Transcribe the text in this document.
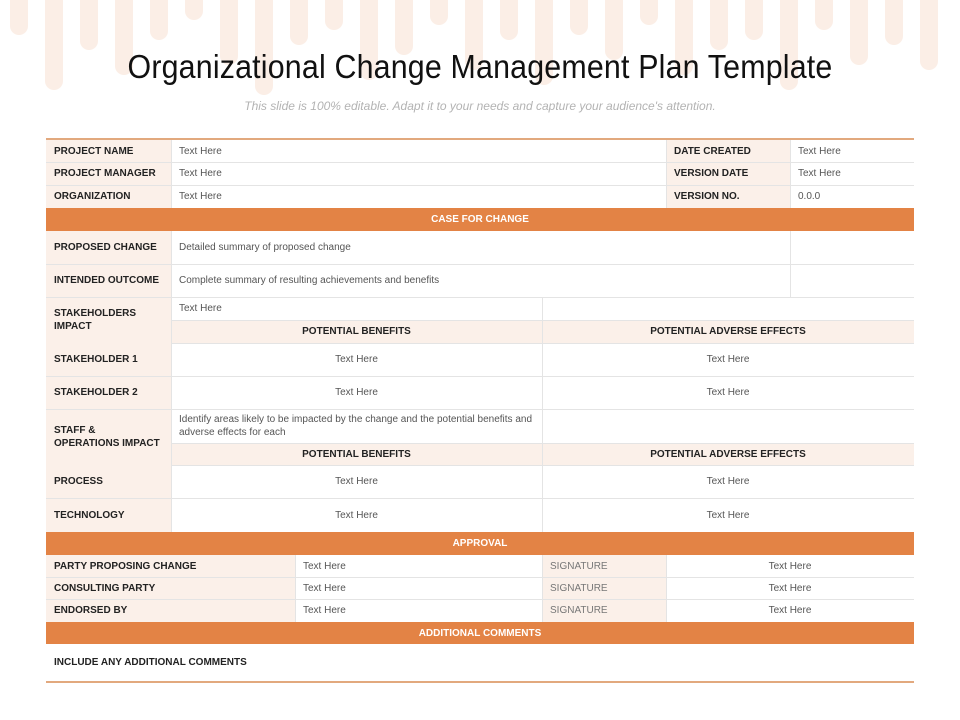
Organizational Change Management Plan Template
This slide is 100% editable. Adapt it to your needs and capture your audience's attention.
PROJECT NAME	Text Here	DATE CREATED	Text Here
PROJECT MANAGER	Text Here	VERSION DATE	Text Here
ORGANIZATION	Text Here	VERSION NO.	0.0.0
CASE FOR CHANGE
PROPOSED CHANGE	Detailed summary of proposed change
INTENDED OUTCOME	Complete summary of resulting achievements and benefits
STAKEHOLDERS IMPACT
Text Here
POTENTIAL BENEFITS	POTENTIAL ADVERSE EFFECTS
STAKEHOLDER 1	Text Here	Text Here
STAKEHOLDER 2	Text Here	Text Here
STAFF & OPERATIONS IMPACT
Identify areas likely to be impacted by the change and the potential benefits and adverse effects for each
POTENTIAL BENEFITS	POTENTIAL ADVERSE EFFECTS
PROCESS	Text Here	Text Here
TECHNOLOGY	Text Here	Text Here
APPROVAL
PARTY PROPOSING CHANGE	Text Here	SIGNATURE	Text Here
CONSULTING PARTY	Text Here	SIGNATURE	Text Here
ENDORSED BY	Text Here	SIGNATURE	Text Here
ADDITIONAL COMMENTS
INCLUDE ANY ADDITIONAL COMMENTS
